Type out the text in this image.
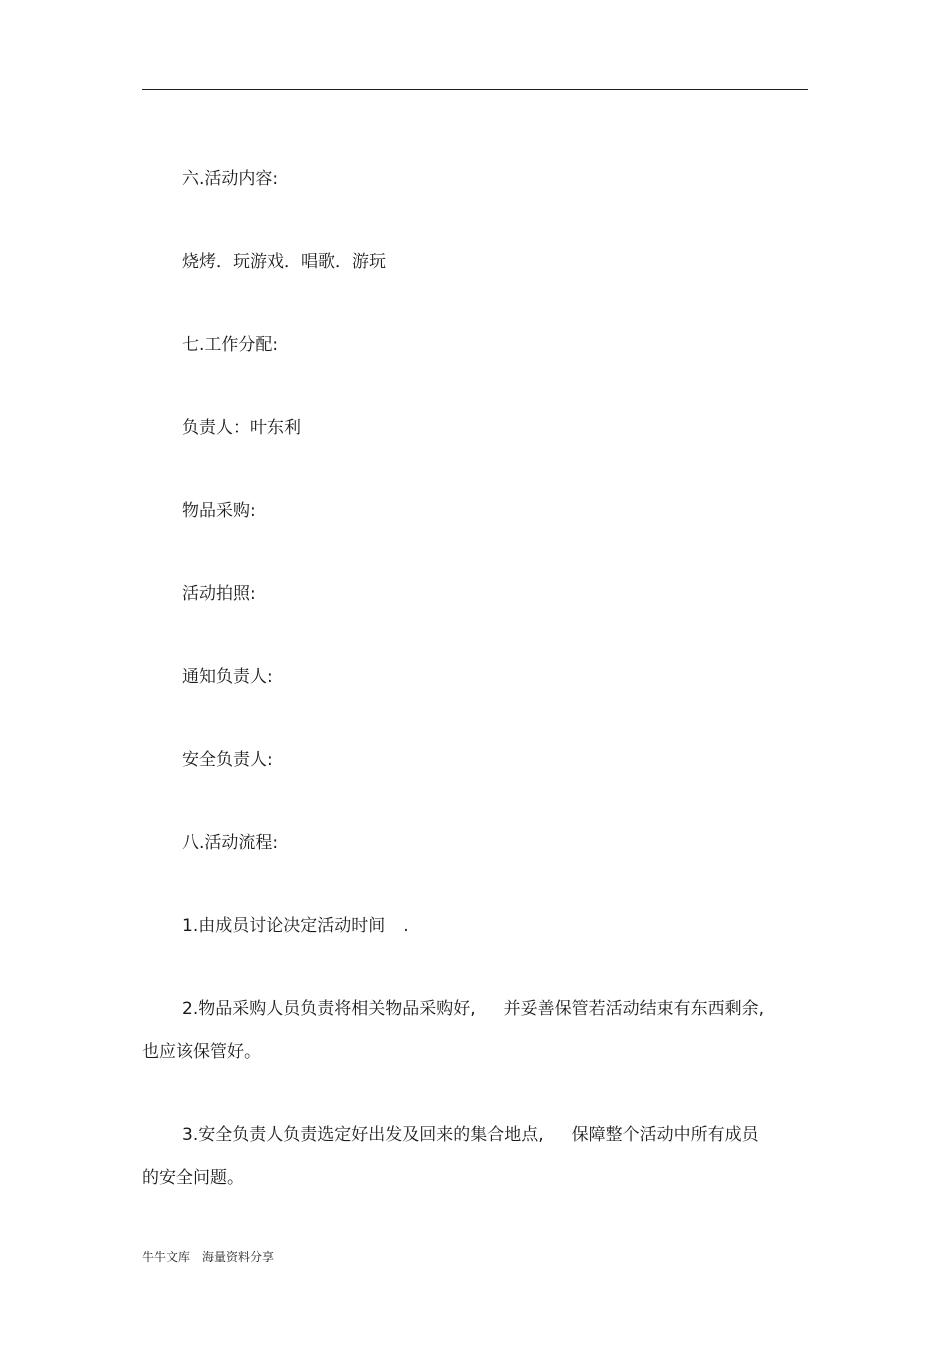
六.活动内容:
烧烤．玩游戏．唱歌．游玩
七.工作分配:
负责人：叶东利
物品采购:
活动拍照:
通知负责人:
安全负责人:
八.活动流程:
1.由成员讨论决定活动时间 .
2.物品采购人员负责将相关物品采购好, 并妥善保管若活动结束有东西剩余,
也应该保管好。
3.安全负责人负责选定好出发及回来的集合地点, 保障整个活动中所有成员
的安全问题。
牛牛文库 海量资料分享
